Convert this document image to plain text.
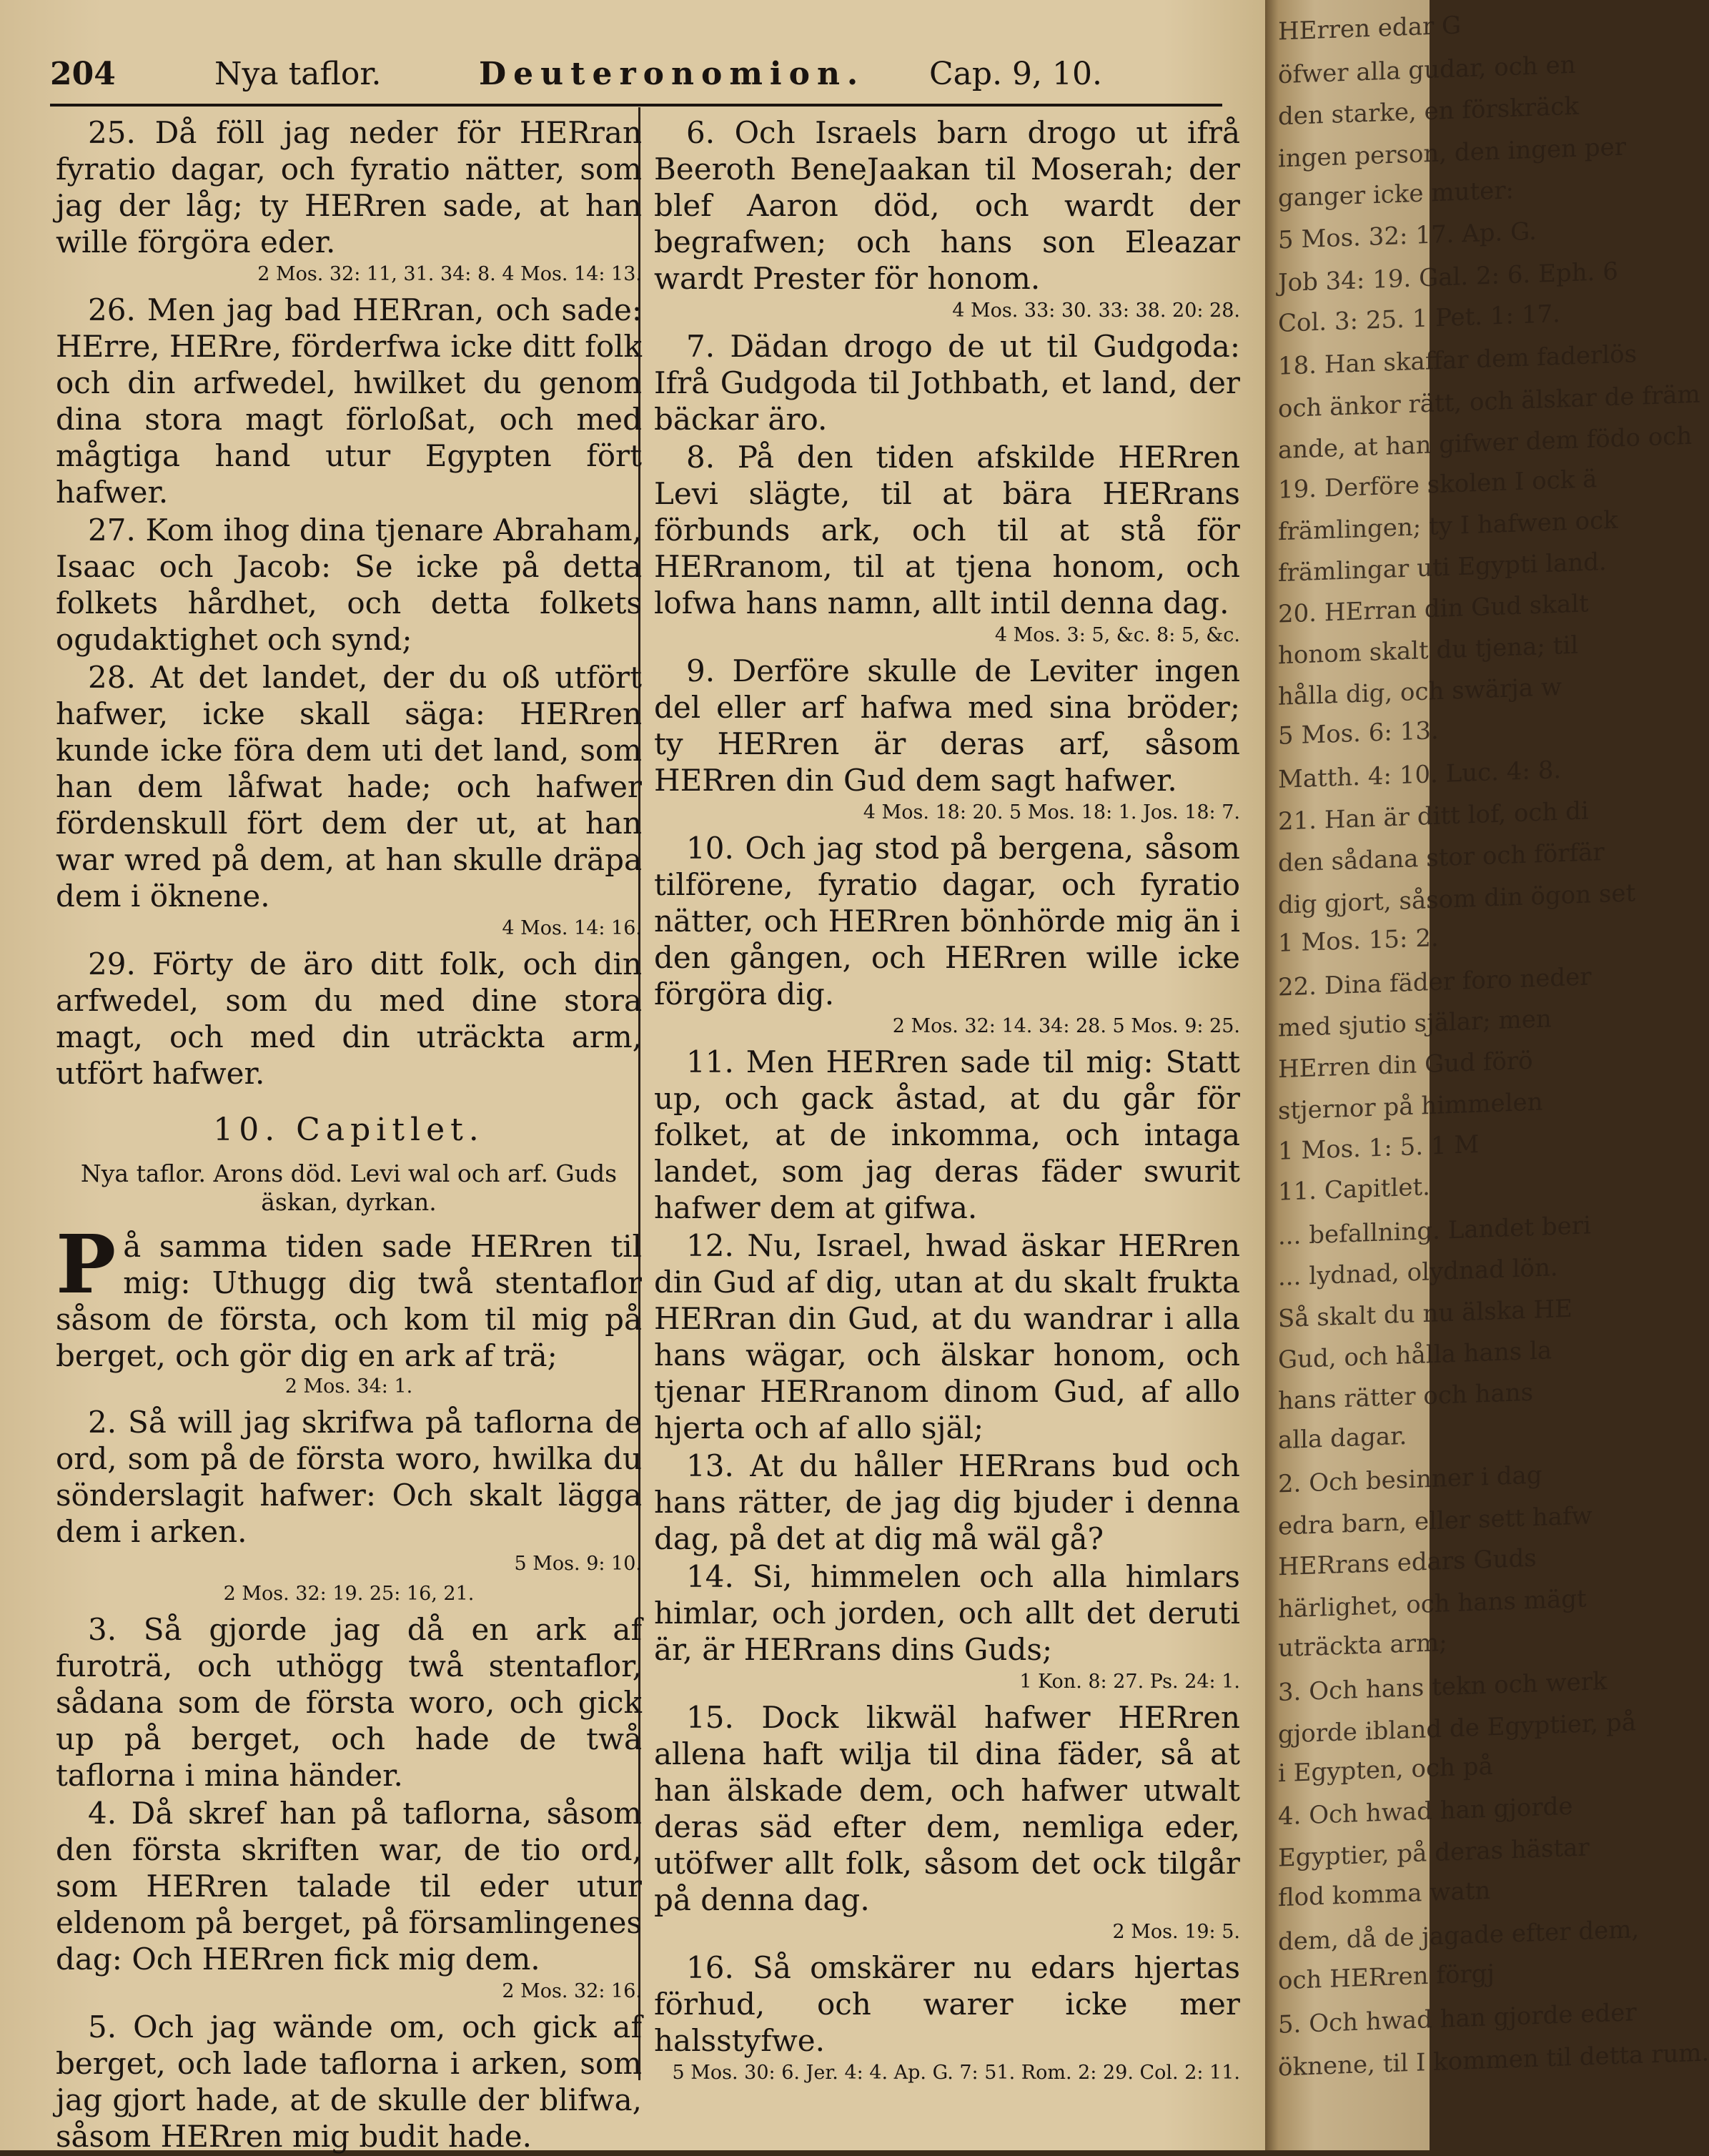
204	Nya taflor.	Deuteronomion. Cap. 9, 10.
25. Då föll jag neder för HERran fyratio dagar, och fyratio nätter, som jag der låg; ty HERren sade, at han wille förgöra eder.
2 Mos. 32: 11, 31. 34: 8. 4 Mos. 14: 13.
26. Men jag bad HERran, och sade: HErre, HERre, förderfwa icke ditt folk och din arfwedel, hwilket du genom dina stora magt förloßat, och med mågtiga hand utur Egypten fört hafwer.
27. Kom ihog dina tjenare Abraham, Isaac och Jacob: Se icke på detta folkets hårdhet, och detta folkets ogudaktighet och synd;
28. At det landet, der du oß utfört hafwer, icke skall säga: HERren kunde icke föra dem uti det land, som han dem låfwat hade; och hafwer fördenskull fört dem der ut, at han war wred på dem, at han skulle dräpa dem i öknene.
4 Mos. 14: 16.
29. Förty de äro ditt folk, och din arfwedel, som du med dine stora magt, och med din uträckta arm, utfört hafwer.
10. Capitlet.
Nya taflor. Arons död. Levi wal och arf. Guds äskan, dyrkan.
P å samma tiden sade HERren til mig: Uthugg dig twå stentaflor såsom de första, och kom til mig på berget, och gör dig en ark af trä;
2 Mos. 34: 1.
2. Så will jag skrifwa på taflorna de ord, som på de första woro, hwilka du sönderslagit hafwer: Och skalt lägga dem i arken.
5 Mos. 9: 10.
2 Mos. 32: 19. 25: 16, 21.
3. Så gjorde jag då en ark af furoträ, och uthögg twå stentaflor, sådana som de första woro, och gick up på berget, och hade de twå taflorna i mina händer.
4. Då skref han på taflorna, såsom den första skriften war, de tio ord, som HERren talade til eder utur eldenom på berget, på församlingenes dag: Och HERren fick mig dem.
2 Mos. 32: 16.
5. Och jag wände om, och gick af berget, och lade taflorna i arken, som jag gjort hade, at de skulle der blifwa, såsom HERren mig budit hade.
6. Och Israels barn drogo ut ifrå Beeroth BeneJaakan til Moserah; der blef Aaron död, och wardt der begrafwen; och hans son Eleazar wardt Prester för honom.
4 Mos. 33: 30. 33: 38. 20: 28.
7. Dädan drogo de ut til Gudgoda: Ifrå Gudgoda til Jothbath, et land, der bäckar äro.
8. På den tiden afskilde HERren Levi slägte, til at bära HERrans förbunds ark, och til at stå för HERranom, til at tjena honom, och lofwa hans namn, allt intil denna dag.
4 Mos. 3: 5, &c. 8: 5, &c.
9. Derföre skulle de Leviter ingen del eller arf hafwa med sina bröder; ty HERren är deras arf, såsom HERren din Gud dem sagt hafwer.
4 Mos. 18: 20. 5 Mos. 18: 1. Jos. 18: 7.
10. Och jag stod på bergena, såsom tilförene, fyratio dagar, och fyratio nätter, och HERren bönhörde mig än i den gången, och HERren wille icke förgöra dig.
2 Mos. 32: 14. 34: 28. 5 Mos. 9: 25.
11. Men HERren sade til mig: Statt up, och gack åstad, at du går för folket, at de inkomma, och intaga landet, som jag deras fäder swurit hafwer dem at gifwa.
12. Nu, Israel, hwad äskar HERren din Gud af dig, utan at du skalt frukta HERran din Gud, at du wandrar i alla hans wägar, och älskar honom, och tjenar HERranom dinom Gud, af allo hjerta och af allo själ;
13. At du håller HERrans bud och hans rätter, de jag dig bjuder i denna dag, på det at dig må wäl gå?
14. Si, himmelen och alla himlars himlar, och jorden, och allt det deruti är, är HERrans dins Guds;
1 Kon. 8: 27. Ps. 24: 1.
15. Dock likwäl hafwer HERren allena haft wilja til dina fäder, så at han älskade dem, och hafwer utwalt deras säd efter dem, nemliga eder, utöfwer allt folk, såsom det ock tilgår på denna dag.
2 Mos. 19: 5.
16. Så omskärer nu edars hjertas förhud, och warer icke mer halsstyfwe.
5 Mos. 30: 6. Jer. 4: 4. Ap. G. 7: 51. Rom. 2: 29. Col. 2: 11.
HErren edar G
öfwer alla gudar, och en
den starke, en förskräck
ingen person, den ingen per
ganger icke muter:
5 Mos. 32: 17. Ap. G.
Job 34: 19. Gal. 2: 6. Eph. 6
Col. 3: 25. 1 Pet. 1: 17.
18. Han skaffar dem faderlös
och änkor rätt, och älskar de främ
ande, at han gifwer dem födo och
19. Derföre skolen I ock ä
främlingen; ty I hafwen ock
främlingar uti Egypti land.
20. HErran din Gud skalt
honom skalt du tjena; til
hålla dig, och swärja w
5 Mos. 6: 13.
Matth. 4: 10. Luc. 4: 8.
21. Han är ditt lof, och di
den sådana stor och förfär
dig gjort, såsom din ögon set
1 Mos. 15: 2.
22. Dina fäder foro neder
med sjutio själar; men
HErren din Gud förö
stjernor på himmelen
1 Mos. 1: 5. 1 M
11. Capitlet.
... befallning. Landet beri
... lydnad, olydnad lön.
Så skalt du nu älska HE
Gud, och hålla hans la
hans rätter och hans
alla dagar.
2. Och besinner i dag
edra barn, eller sett hafw
HERrans edars Guds
härlighet, och hans mägt
uträckta arm;
3. Och hans tekn och werk
gjorde ibland de Egyptier, på
i Egypten, och på
4. Och hwad han gjorde
Egyptier, på deras hästar
flod komma watn
dem, då de jagade efter dem,
och HERren förgj
5. Och hwad han gjorde eder
öknene, til I kommen til detta rum.
